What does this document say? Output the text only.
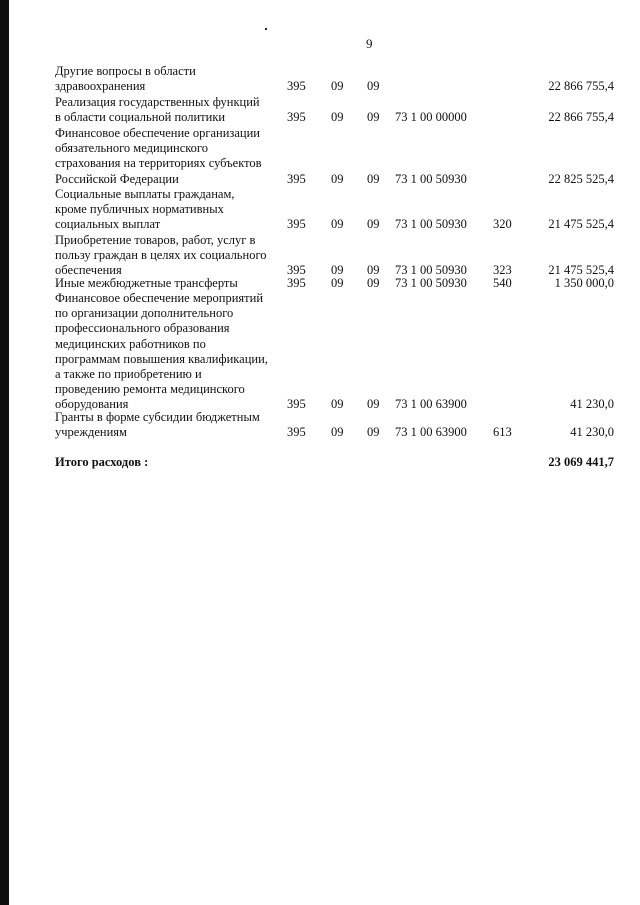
9
Другие вопросы в области
здравоохранения	395 09 09	22 866 755,4
Реализация государственных функций
в области социальной политики	395 09 09 73 1 00 00000	22 866 755,4
Финансовое обеспечение организации
обязательного медицинского
страхования на территориях субъектов
Российской Федерации	395 09 09 73 1 00 50930	22 825 525,4
Социальные выплаты гражданам,
кроме публичных нормативных
социальных выплат	395 09 09 73 1 00 50930 320	21 475 525,4
Приобретение товаров, работ, услуг в
пользу граждан в целях их социального
обеспечения	395 09 09 73 1 00 50930 323	21 475 525,4
Иные межбюджетные трансферты	395 09 09 73 1 00 50930 540	1 350 000,0
Финансовое обеспечение мероприятий
по организации дополнительного
профессионального образования
медицинских работников по
программам повышения квалификации,
а также по приобретению и
проведению ремонта медицинского
оборудования	395 09 09 73 1 00 63900	41 230,0
Гранты в форме субсидии бюджетным
учреждениям	395 09 09 73 1 00 63900 613	41 230,0
Итого расходов :	23 069 441,7
